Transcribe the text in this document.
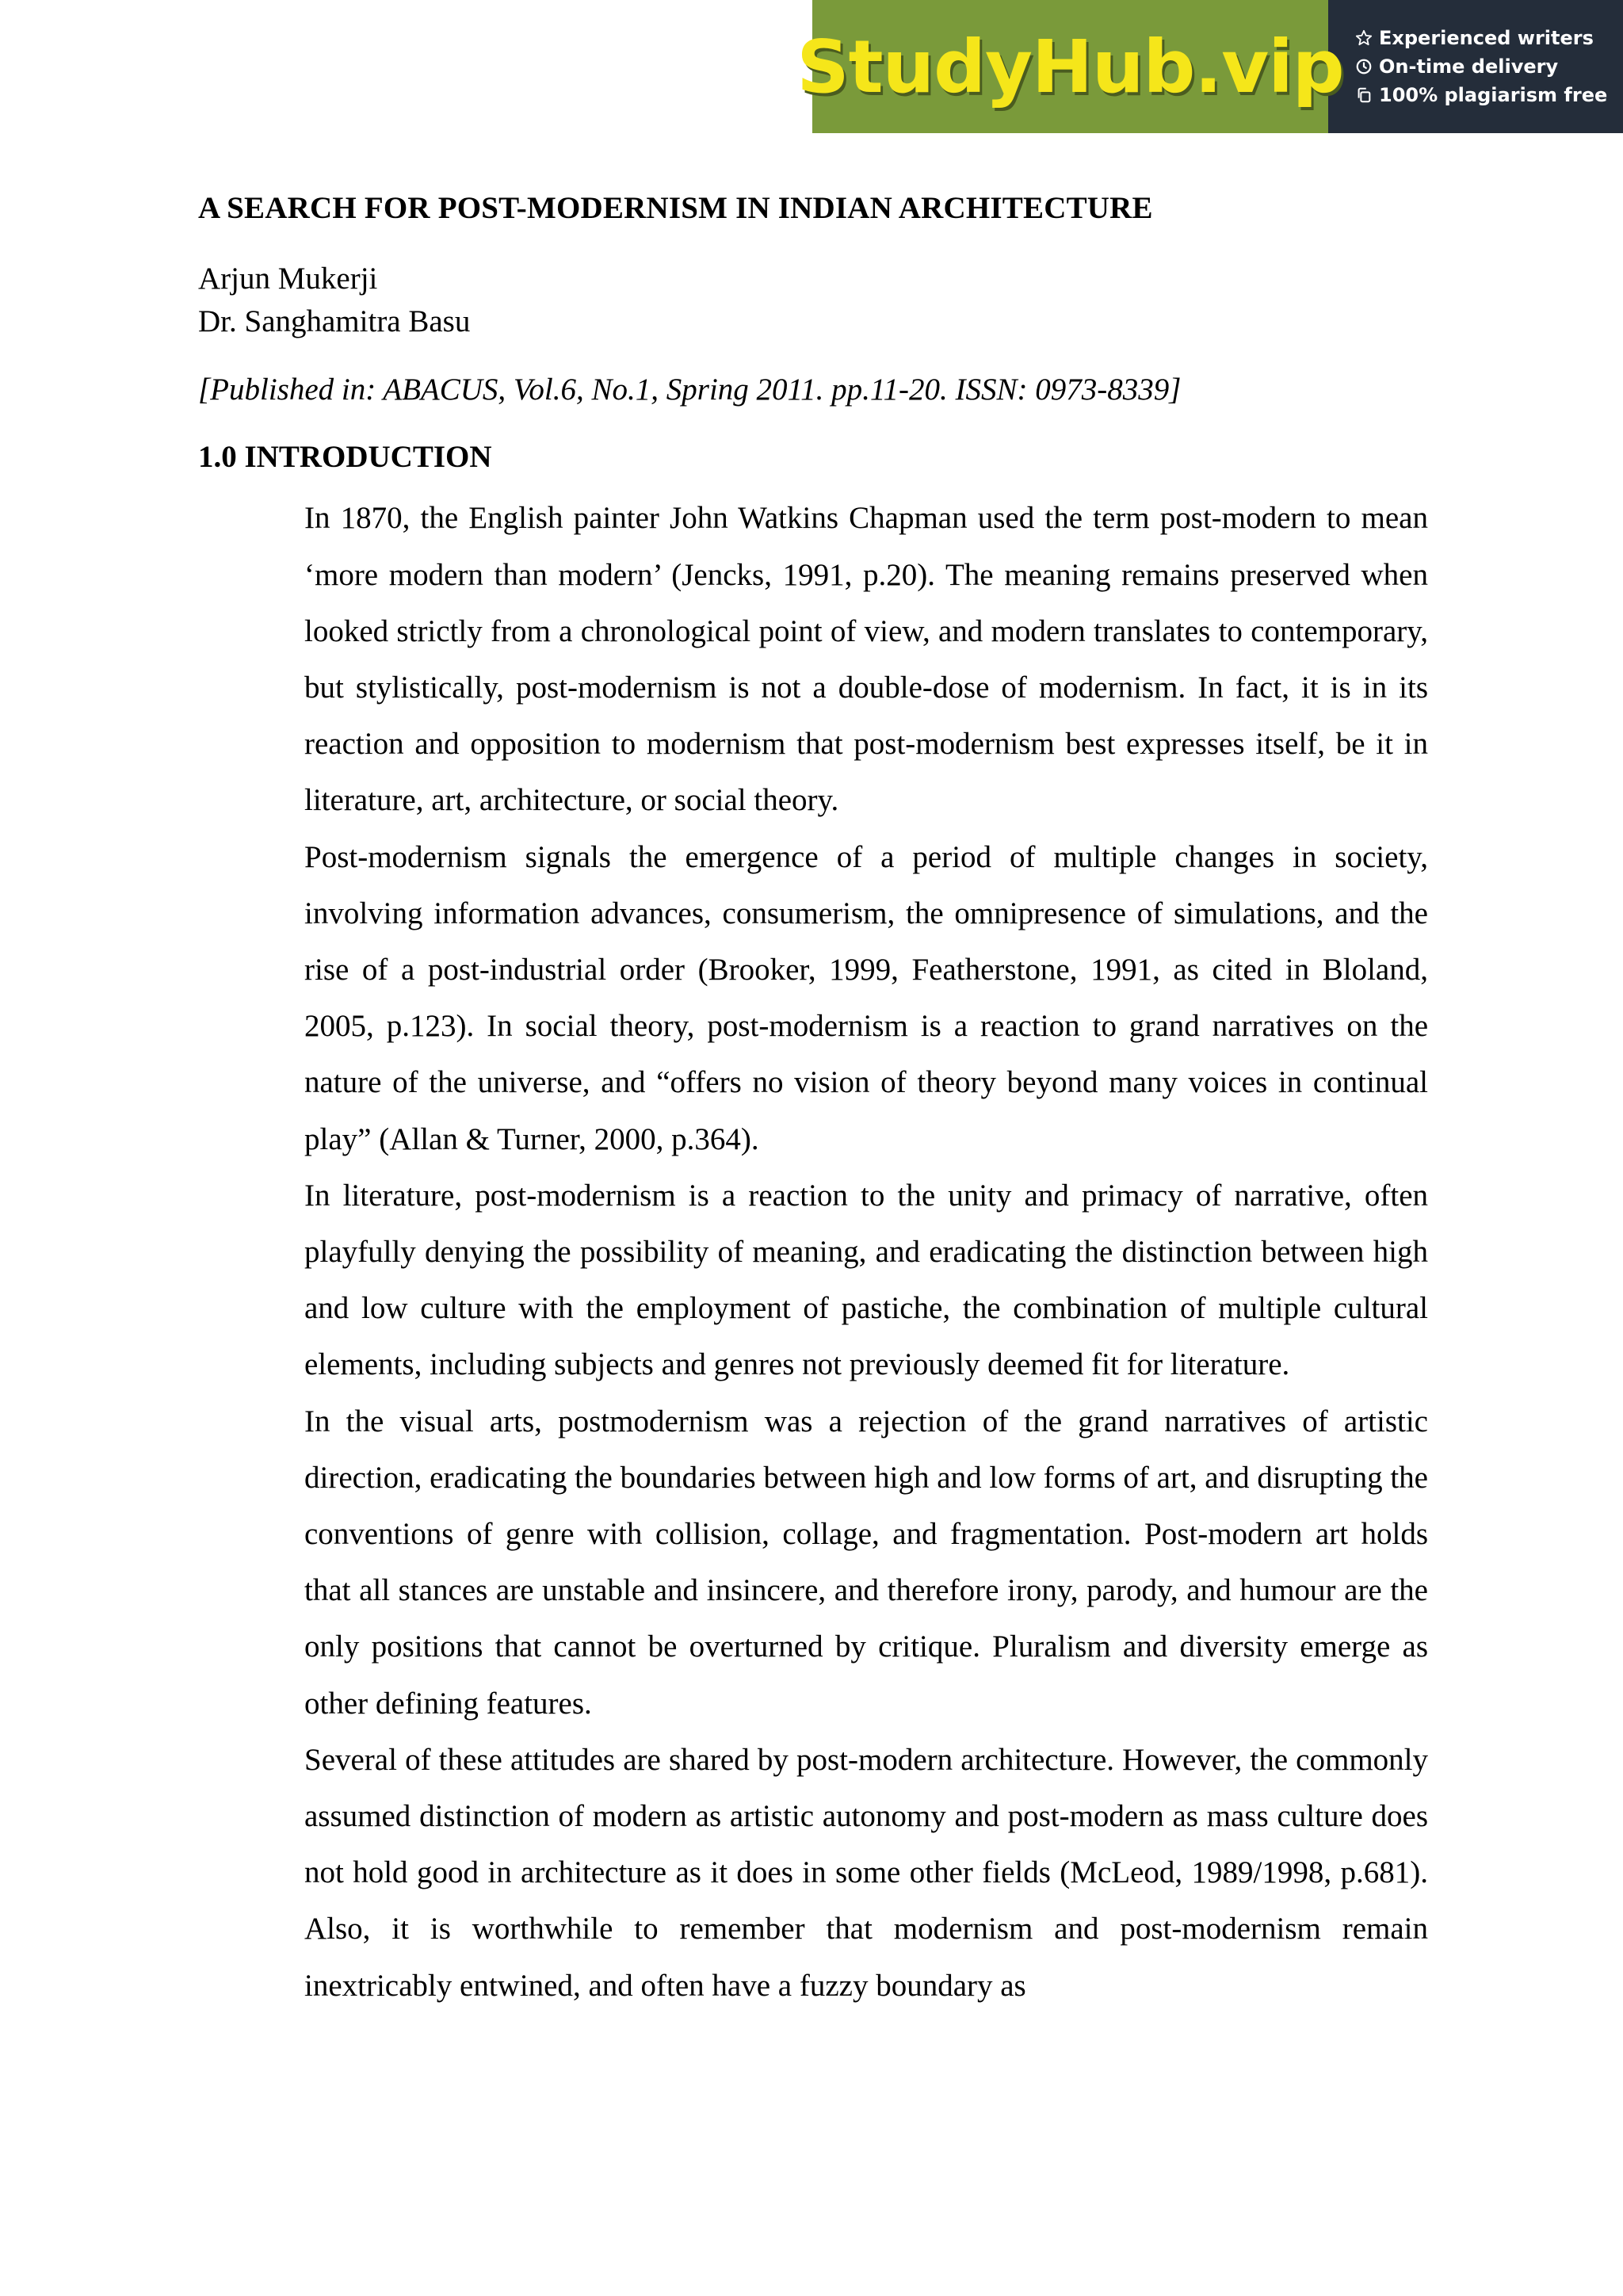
StudyHub.vip Experienced writers
On-time delivery
100% plagiarism free
A SEARCH FOR POST-MODERNISM IN INDIAN ARCHITECTURE
Arjun Mukerji
Dr. Sanghamitra Basu
[Published in: ABACUS, Vol.6, No.1, Spring 2011. pp.11-20. ISSN: 0973-8339]
1.0 INTRODUCTION

In 1870, the English painter John Watkins Chapman used the term post-modern to mean ‘more modern than modern’ (Jencks, 1991, p.20). The meaning remains preserved when looked strictly from a chronological point of view, and modern translates to contemporary, but stylistically, post-modernism is not a double-dose of modernism. In fact, it is in its reaction and opposition to modernism that post-modernism best expresses itself, be it in literature, art, architecture, or social theory.

Post-modernism signals the emergence of a period of multiple changes in society, involving information advances, consumerism, the omnipresence of simulations, and the rise of a post-industrial order (Brooker, 1999, Featherstone, 1991, as cited in Bloland, 2005, p.123). In social theory, post-modernism is a reaction to grand narratives on the nature of the universe, and “offers no vision of theory beyond many voices in continual play” (Allan & Turner, 2000, p.364).

In literature, post-modernism is a reaction to the unity and primacy of narrative, often playfully denying the possibility of meaning, and eradicating the distinction between high and low culture with the employment of pastiche, the combination of multiple cultural elements, including subjects and genres not previously deemed fit for literature.

In the visual arts, postmodernism was a rejection of the grand narratives of artistic direction, eradicating the boundaries between high and low forms of art, and disrupting the conventions of genre with collision, collage, and fragmentation. Post-modern art holds that all stances are unstable and insincere, and therefore irony, parody, and humour are the only positions that cannot be overturned by critique. Pluralism and diversity emerge as other defining features.

Several of these attitudes are shared by post-modern architecture. However, the commonly assumed distinction of modern as artistic autonomy and post-modern as mass culture does not hold good in architecture as it does in some other fields (McLeod, 1989/1998, p.681). Also, it is worthwhile to remember that modernism and post-modernism remain inextricably entwined, and often have a fuzzy boundary as
